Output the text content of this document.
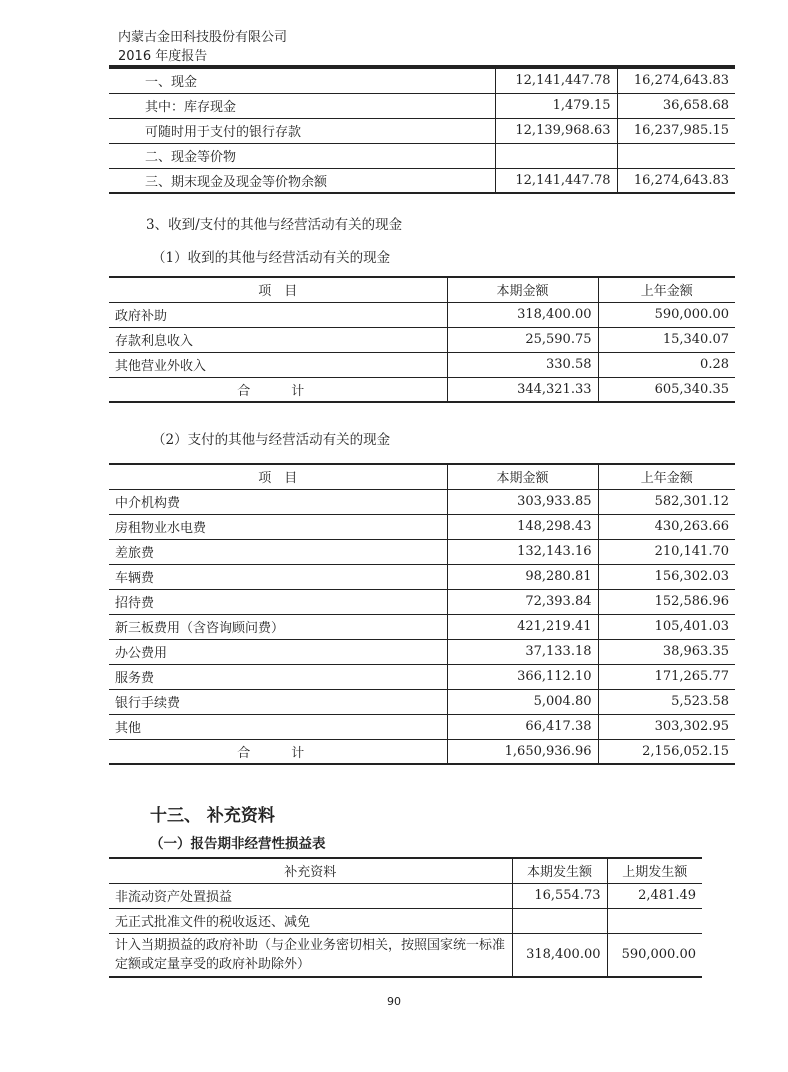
内蒙古金田科技股份有限公司
2016 年度报告
一、现金	12,141,447.78	16,274,643.83
其中：库存现金	1,479.15	36,658.68
可随时用于支付的银行存款	12,139,968.63	16,237,985.15
二、现金等价物		
三、期末现金及现金等价物余额	12,141,447.78	16,274,643.83
3、收到/支付的其他与经营活动有关的现金
（1）收到的其他与经营活动有关的现金
项　目	本期金额	上年金额
政府补助	318,400.00	590,000.00
存款利息收入	25,590.75	15,340.07
其他营业外收入	330.58	0.28
合　计	344,321.33	605,340.35
（2）支付的其他与经营活动有关的现金
项　目	本期金额	上年金额
中介机构费	303,933.85	582,301.12
房租物业水电费	148,298.43	430,263.66
差旅费	132,143.16	210,141.70
车辆费	98,280.81	156,302.03
招待费	72,393.84	152,586.96
新三板费用（含咨询顾问费）	421,219.41	105,401.03
办公费用	37,133.18	38,963.35
服务费	366,112.10	171,265.77
银行手续费	5,004.80	5,523.58
其他	66,417.38	303,302.95
合　计	1,650,936.96	2,156,052.15
十三、 补充资料
（一）报告期非经营性损益表
补充资料	本期发生额	上期发生额
非流动资产处置损益	16,554.73	2,481.49
无正式批准文件的税收返还、减免		
计入当期损益的政府补助（与企业业务密切相关，按照国家统一标准定额或定量享受的政府补助除外）	318,400.00	590,000.00
90
